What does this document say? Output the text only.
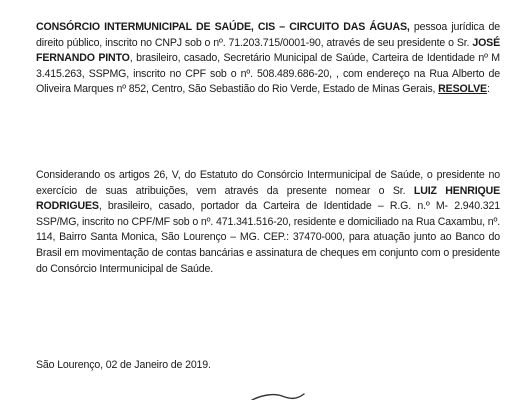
CONSÓRCIO INTERMUNICIPAL DE SAÚDE, CIS – CIRCUITO DAS ÁGUAS, pessoa jurídica de direito público, inscrito no CNPJ sob o nº. 71.203.715/0001-90, através de seu presidente o Sr. JOSÉ FERNANDO PINTO, brasileiro, casado, Secretário Municipal de Saúde, Carteira de Identidade nº M 3.415.263, SSPMG, inscrito no CPF sob o nº. 508.489.686-20, , com endereço na Rua Alberto de Oliveira Marques nº 852, Centro, São Sebastião do Rio Verde, Estado de Minas Gerais, RESOLVE:

Considerando os artigos 26, V, do Estatuto do Consórcio Intermunicipal de Saúde, o presidente no exercício de suas atribuições, vem através da presente nomear o Sr. LUIZ HENRIQUE RODRIGUES, brasileiro, casado, portador da Carteira de Identidade – R.G. n.º M- 2.940.321 SSP/MG, inscrito no CPF/MF sob o nº. 471.341.516-20, residente e domiciliado na Rua Caxambu, nº. 114, Bairro Santa Monica, São Lourenço – MG. CEP.: 37470-000, para atuação junto ao Banco do Brasil em movimentação de contas bancárias e assinatura de cheques em conjunto com o presidente do Consórcio Intermunicipal de Saúde.

São Lourenço, 02 de Janeiro de 2019.
